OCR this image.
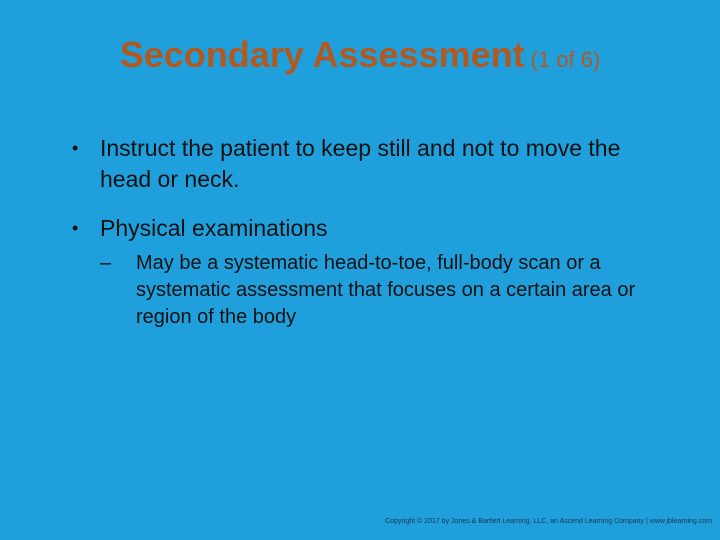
Secondary Assessment (1 of 6)
• Instruct the patient to keep still and not to move the head or neck.
• Physical examinations
– May be a systematic head-to-toe, full-body scan or a systematic assessment that focuses on a certain area or region of the body
Copyright © 2017 by Jones & Bartlett Learning, LLC, an Ascend Learning Company | www.jblearning.com
